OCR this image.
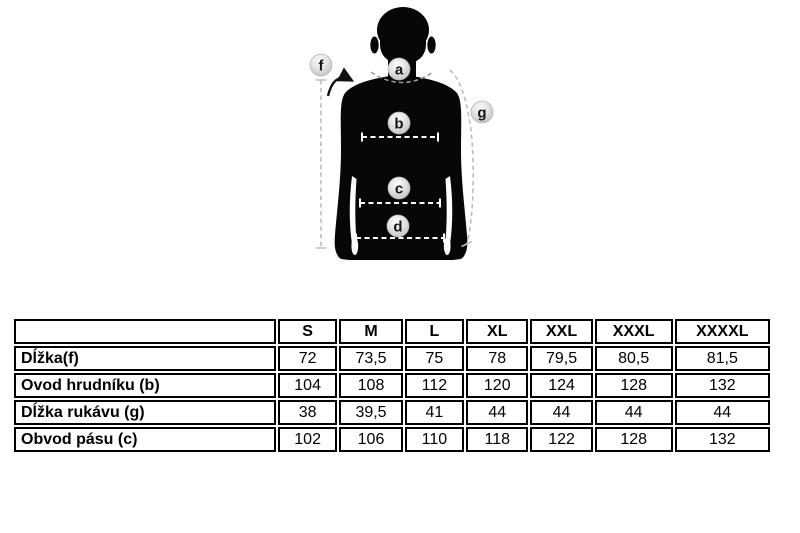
a
b
c
d
f
g
	S	M	L	XL	XXL	XXXL	XXXXL
Dĺžka(f)	72	73,5	75	78	79,5	80,5	81,5
Ovod hrudníku (b)	104	108	112	120	124	128	132
Dĺžka rukávu (g)	38	39,5	41	44	44	44	44
Obvod pásu (c)	102	106	110	118	122	128	132
